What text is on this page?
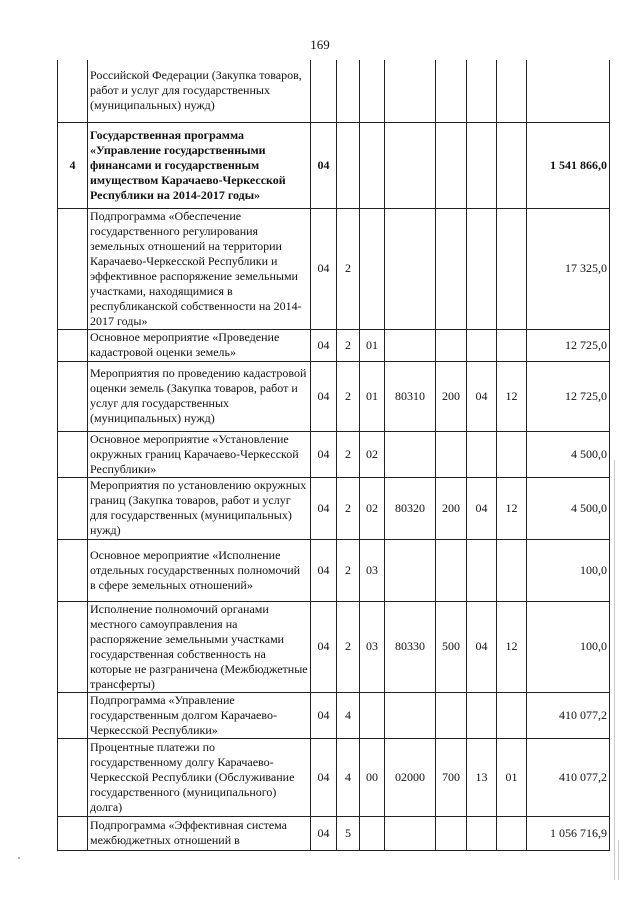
169
	Российской Федерации (Закупка товаров, работ и услуг для государственных (муниципальных) нужд)								
4	Государственная программа «Управление государственными финансами и государственным имуществом Карачаево-Черкесской Республики на 2014-2017 годы»	04							1 541 866,0
	Подпрограмма «Обеспечение государственного регулирования земельных отношений на территории Карачаево-Черкесской Республики и эффективное распоряжение земельными участками, находящимися в республиканской собственности на 2014-2017 годы»	04	2						17 325,0
	Основное мероприятие «Проведение кадастровой оценки земель»	04	2	01					12 725,0
	Мероприятия по проведению кадастровой оценки земель (Закупка товаров, работ и услуг для государственных (муниципальных) нужд)	04	2	01	80310	200	04	12	12 725,0
	Основное мероприятие «Установление окружных границ Карачаево-Черкесской Республики»	04	2	02					4 500,0
	Мероприятия по установлению окружных границ (Закупка товаров, работ и услуг для государственных (муниципальных) нужд)	04	2	02	80320	200	04	12	4 500,0
	Основное мероприятие «Исполнение отдельных государственных полномочий в сфере земельных отношений»	04	2	03					100,0
	Исполнение полномочий органами местного самоуправления на распоряжение земельными участками государственная собственность на которые не разграничена (Межбюджетные трансферты)	04	2	03	80330	500	04	12	100,0
	Подпрограмма «Управление государственным долгом Карачаево-Черкесской Республики»	04	4						410 077,2
	Процентные платежи по государственному долгу Карачаево-Черкесской Республики (Обслуживание государственного (муниципального) долга)	04	4	00	02000	700	13	01	410 077,2
	Подпрограмма «Эффективная система межбюджетных отношений в	04	5						1 056 716,9
